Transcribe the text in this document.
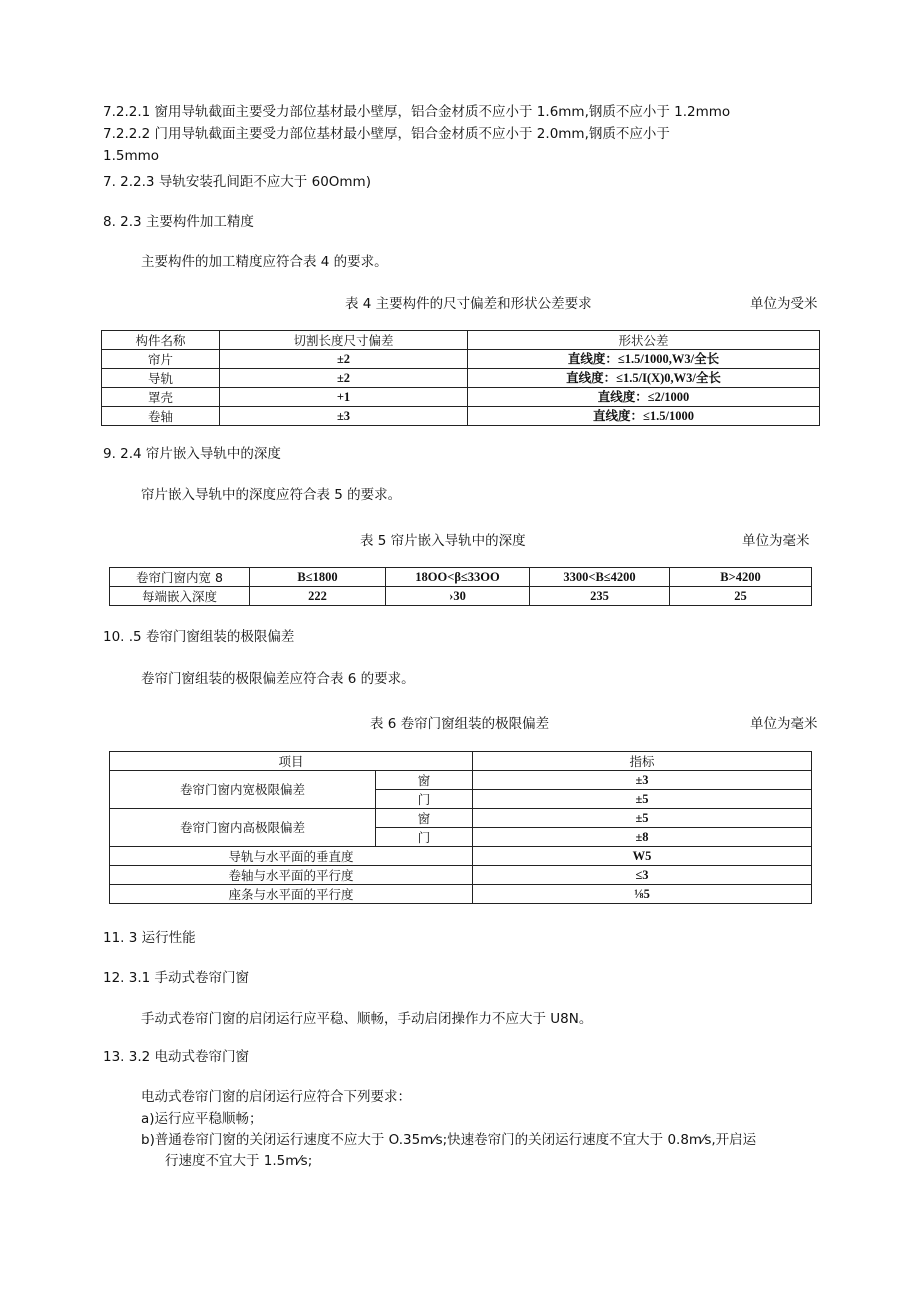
7.2.2.1 窗用导轨截面主要受力部位基材最小壁厚，铝合金材质不应小于 1.6mm,钢质不应小于 1.2mmo
7.2.2.2 门用导轨截面主要受力部位基材最小壁厚，铝合金材质不应小于 2.0mm,钢质不应小于
1.5mmo
7. 2.2.3 导轨安装孔间距不应大于 60Omm)
8. 2.3 主要构件加工精度
主要构件的加工精度应符合表 4 的要求。
表 4 主要构件的尺寸偏差和形状公差要求	单位为受米
构件名称	切割长度尺寸偏差	形状公差
帘片	±2	直线度：≤1.5/1000,W3/全长
导轨	±2	直线度：≤1.5/I(X)0,W3/全长
罩壳	+1	直线度：≤2/1000
卷轴	±3	直线度：≤1.5/1000
9. 2.4 帘片嵌入导轨中的深度
帘片嵌入导轨中的深度应符合表 5 的要求。
表 5 帘片嵌入导轨中的深度	单位为毫米
卷帘门窗内宽 8	B≤1800	18OO<β≤33OO	3300<B≤4200	B>4200
每端嵌入深度	222	›30	235	25
10. .5 卷帘门窗组装的极限偏差
卷帘门窗组装的极限偏差应符合表 6 的要求。
表 6 卷帘门窗组装的极限偏差	单位为毫米
项目		指标
卷帘门窗内宽极限偏差	窗	±3
	门	±5
卷帘门窗内高极限偏差	窗	±5
	门	±8
导轨与水平面的垂直度		W5
卷轴与水平面的平行度		≤3
座条与水平面的平行度		⅛5
11. 3 运行性能
12. 3.1 手动式卷帘门窗
手动式卷帘门窗的启闭运行应平稳、顺畅，手动启闭操作力不应大于 U8N。
13. 3.2 电动式卷帘门窗
电动式卷帘门窗的启闭运行应符合下列要求：
a)运行应平稳顺畅；
b)普通卷帘门窗的关闭运行速度不应大于 O.35m⁄s;快速卷帘门的关闭运行速度不宜大于 0.8m⁄s,开启运
行速度不宜大于 1.5m⁄s;
